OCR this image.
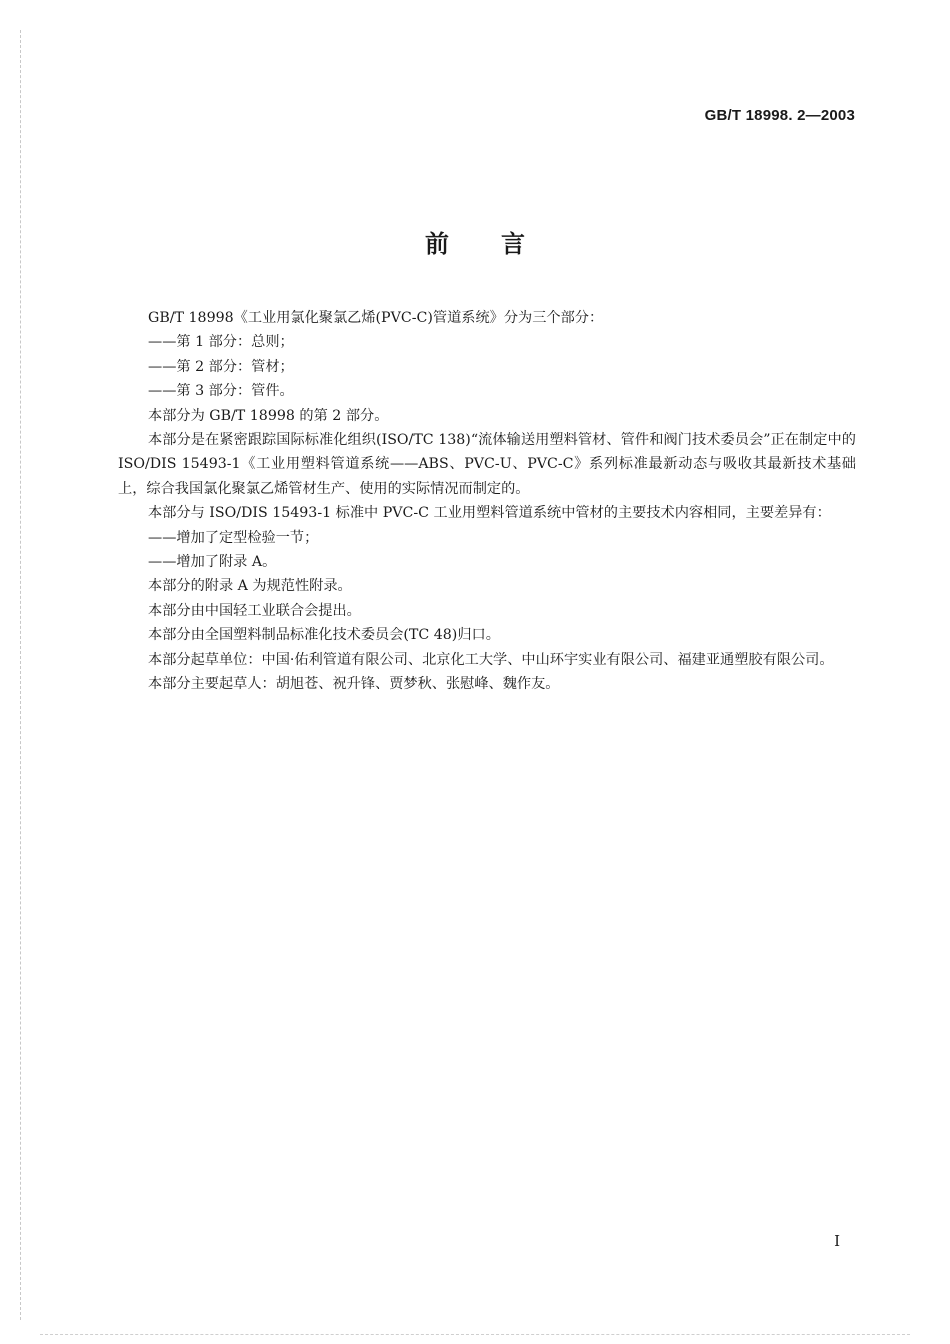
GB/T 18998. 2—2003
前言

GB/T 18998《工业用氯化聚氯乙烯(PVC-C)管道系统》分为三个部分：

——第 1 部分：总则；

——第 2 部分：管材；

——第 3 部分：管件。

本部分为 GB/T 18998 的第 2 部分。

本部分是在紧密跟踪国际标准化组织(ISO/TC 138)“流体输送用塑料管材、管件和阀门技术委员会”正在制定中的 ISO/DIS 15493-1《工业用塑料管道系统——ABS、PVC-U、PVC-C》系列标准最新动态与吸收其最新技术基础上，综合我国氯化聚氯乙烯管材生产、使用的实际情况而制定的。

本部分与 ISO/DIS 15493-1 标准中 PVC-C 工业用塑料管道系统中管材的主要技术内容相同，主要差异有：

——增加了定型检验一节；

——增加了附录 A。

本部分的附录 A 为规范性附录。

本部分由中国轻工业联合会提出。

本部分由全国塑料制品标准化技术委员会(TC 48)归口。

本部分起草单位：中国·佑利管道有限公司、北京化工大学、中山环宇实业有限公司、福建亚通塑胶有限公司。

本部分主要起草人：胡旭苍、祝升锋、贾梦秋、张慰峰、魏作友。

I
